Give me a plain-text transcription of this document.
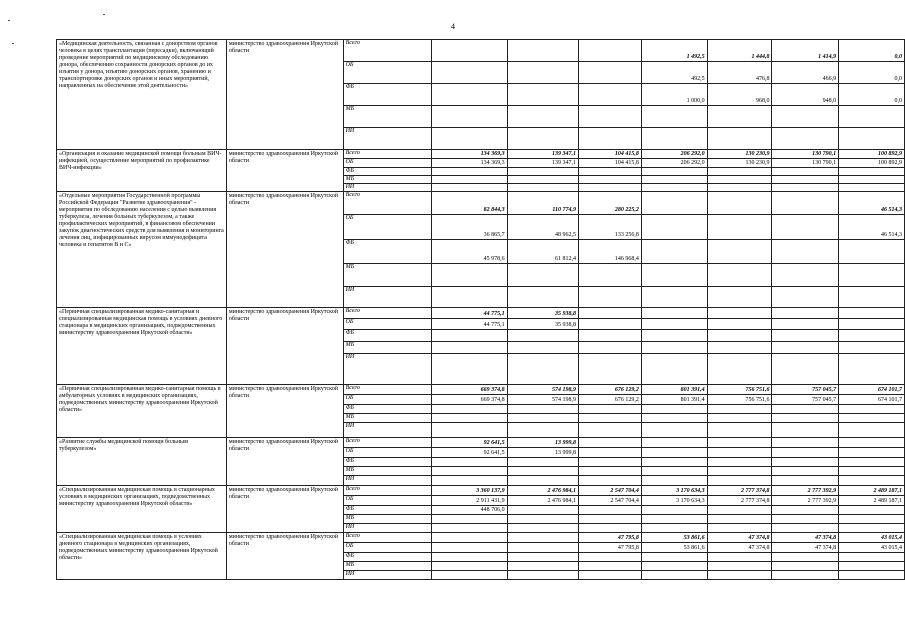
4
«Медицинская деятельность, связанная с донорством органов человека в целях трансплантации (пересадки), включающий проведение мероприятий по медицинскому обследованию донора, обеспечению сохранности донорских органов до их изъятия у донора, изъятию донорских органов, хранению и транспортировке донорских органов и иных мероприятий, направленных на обеспечение этой деятельности»	министерство здравоохранения Иркутской области	Всего				1 492,5	1 444,8	1 414,9	0,0
		ОБ				492,5	476,8	466,9	0,0
		ФБ				1 000,0	968,0	948,0	0,0
		МБ							
		ИИ							
«Организация и оказание медицинской помощи больным ВИЧ-инфекцией, осуществление мероприятий по профилактике ВИЧ-инфекции»	министерство здравоохранения Иркутской области	Всего	134 369,3	139 347,1	104 415,8	206 292,0	130 230,9	130 790,1	100 892,9
		ОБ	134 369,3	139 347,1	104 415,8	206 292,0	130 230,9	130 790,1	100 892,9
		ФБ							
		МБ							
		ИИ							
«Отдельные мероприятия Государственной программы Российской Федерации "Развитие здравоохранения" - мероприятия по обследованию населения с целью выявления туберкулеза, лечения больных туберкулезом, а также профилактических мероприятий, в финансовом обеспечении закупок диагностических средств для выявления и мониторинга лечения лиц, инфицированных вирусом иммунодефицита человека и гепатитов В и С»	министерство здравоохранения Иркутской области	Всего	82 844,3	110 774,9	280 225,2				46 514,3
		ОБ	36 865,7	48 962,5	133 256,8				46 514,3
		ФБ	45 978,6	61 812,4	146 968,4				
		МБ							
		ИИ							
«Первичная специализированная медико-санитарная и специализированная медицинская помощь в условиях дневного стационара в медицинских организациях, подведомственных министерству здравоохранения Иркутской области»	министерство здравоохранения Иркутской области	Всего	44 775,1	35 938,8					
		ОБ	44 775,1	35 938,8					
		ФБ							
		МБ							
		ИИ							
«Первичная специализированная медико-санитарная помощь в амбулаторных условиях в медицинских организациях, подведомственных министерству здравоохранения Иркутской области»	министерство здравоохранения Иркутской области	Всего	669 374,8	574 198,9	676 129,2	801 391,4	756 751,6	757 045,7	674 101,7
		ОБ	669 374,8	574 198,9	676 129,2	801 391,4	756 751,6	757 045,7	674 101,7
		ФБ							
		МБ							
		ИИ							
«Развитие службы медицинской помощи больным туберкулезом»	министерство здравоохранения Иркутской области	Всего	92 641,5	13 999,8					
		ОБ	92 641,5	13 999,8					
		ФБ							
		МБ							
		ИИ							
«Специализированная медицинская помощь в стационарных условиях в медицинских организациях, подведомственных министерству здравоохранения Иркутской области»	министерство здравоохранения Иркутской области	Всего	3 360 137,9	2 476 984,1	2 547 704,4	3 170 634,3	2 777 374,8	2 777 392,9	2 489 187,1
		ОБ	2 911 431,9	2 476 984,1	2 547 704,4	3 170 634,3	2 777 374,8	2 777 392,9	2 489 187,1
		ФБ	448 706,0						
		МБ							
		ИИ							
«Специализированная медицинская помощь в условиях дневного стационара в медицинских организациях, подведомственных министерству здравоохранения Иркутской области»	министерство здравоохранения Иркутской области	Всего			47 795,8	53 861,6	47 374,8	47 374,8	43 015,4
		ОБ			47 795,8	53 861,6	47 374,8	47 374,8	43 015,4
		ФБ							
		МБ							
		ИИ							
